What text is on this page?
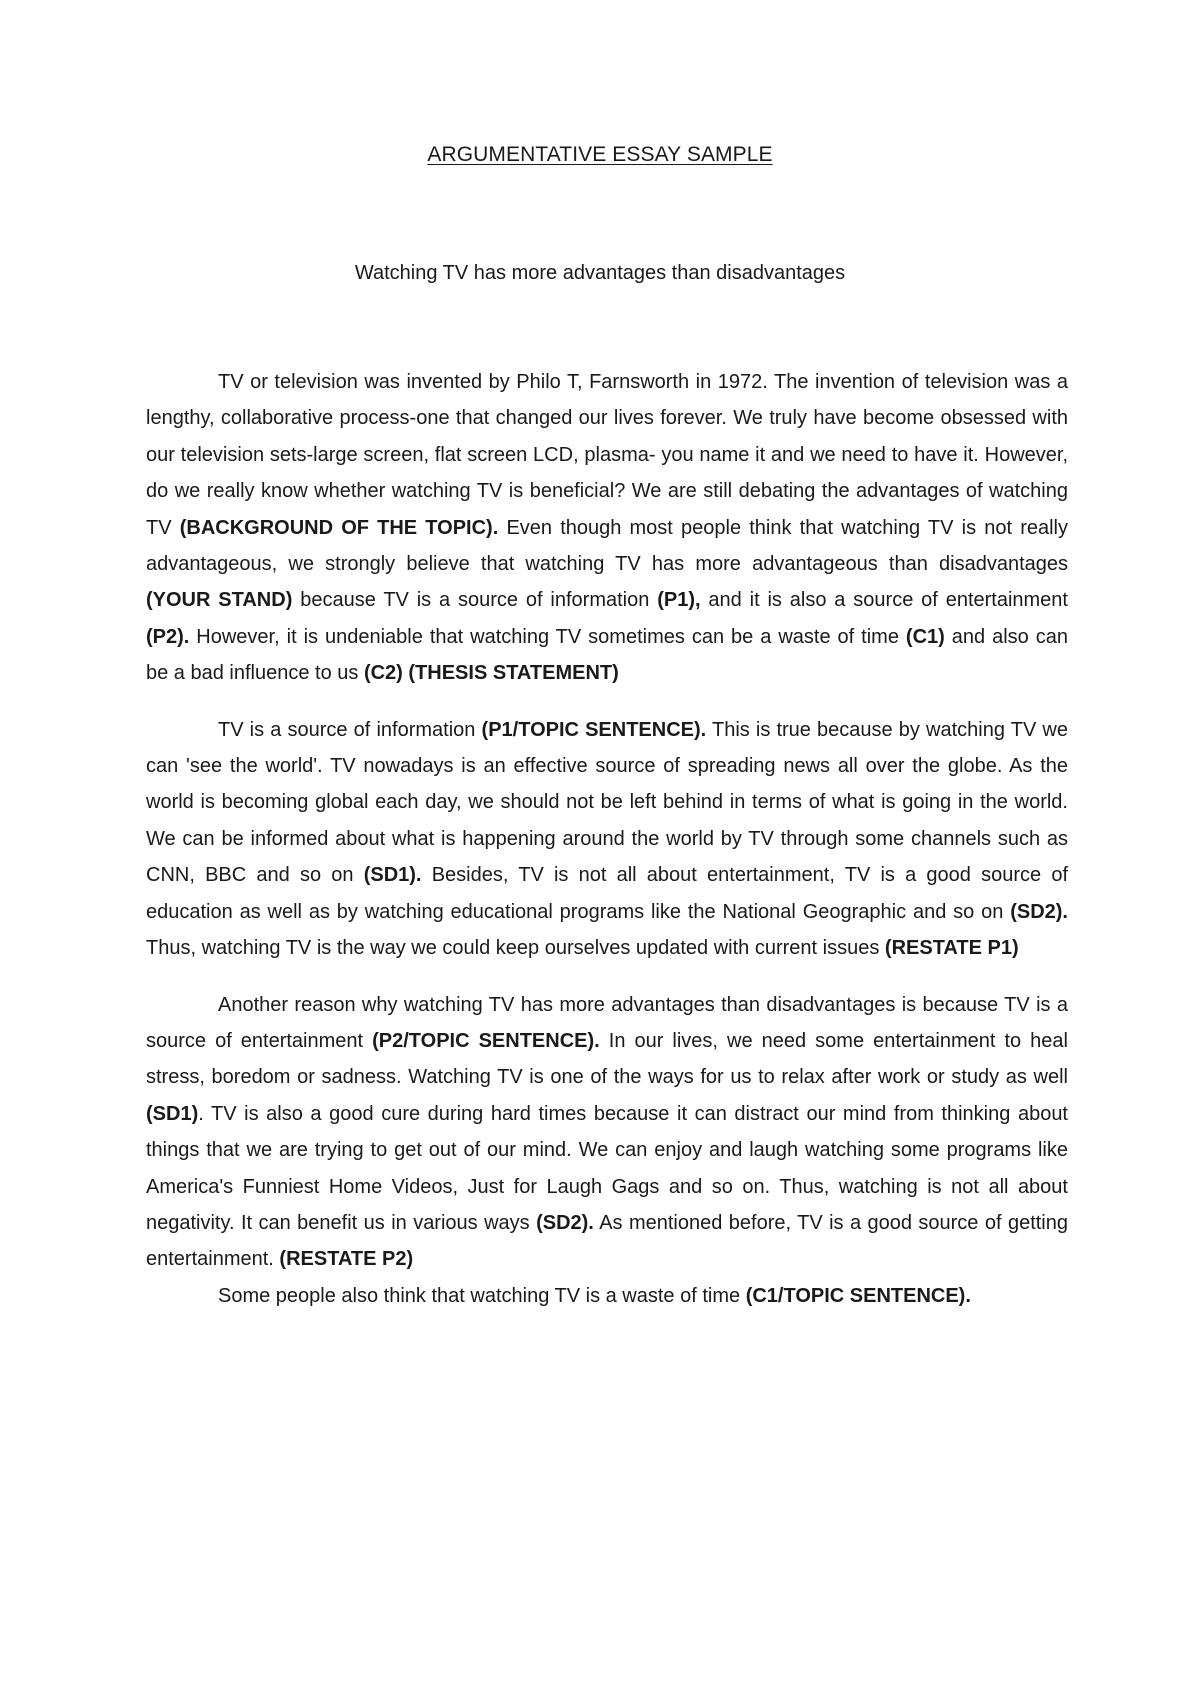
ARGUMENTATIVE ESSAY SAMPLE
Watching TV has more advantages than disadvantages

TV or television was invented by Philo T, Farnsworth in 1972. The invention of television was a lengthy, collaborative process-one that changed our lives forever. We truly have become obsessed with our television sets-large screen, flat screen LCD, plasma- you name it and we need to have it. However, do we really know whether watching TV is beneficial? We are still debating the advantages of watching TV (BACKGROUND OF THE TOPIC). Even though most people think that watching TV is not really advantageous, we strongly believe that watching TV has more advantageous than disadvantages (YOUR STAND) because TV is a source of information (P1), and it is also a source of entertainment (P2). However, it is undeniable that watching TV sometimes can be a waste of time (C1) and also can be a bad influence to us (C2) (THESIS STATEMENT)

TV is a source of information (P1/TOPIC SENTENCE). This is true because by watching TV we can 'see the world'. TV nowadays is an effective source of spreading news all over the globe. As the world is becoming global each day, we should not be left behind in terms of what is going in the world. We can be informed about what is happening around the world by TV through some channels such as CNN, BBC and so on (SD1). Besides, TV is not all about entertainment, TV is a good source of education as well as by watching educational programs like the National Geographic and so on (SD2). Thus, watching TV is the way we could keep ourselves updated with current issues (RESTATE P1)

Another reason why watching TV has more advantages than disadvantages is because TV is a source of entertainment (P2/TOPIC SENTENCE). In our lives, we need some entertainment to heal stress, boredom or sadness. Watching TV is one of the ways for us to relax after work or study as well (SD1). TV is also a good cure during hard times because it can distract our mind from thinking about things that we are trying to get out of our mind. We can enjoy and laugh watching some programs like America's Funniest Home Videos, Just for Laugh Gags and so on. Thus, watching is not all about negativity. It can benefit us in various ways (SD2). As mentioned before, TV is a good source of getting entertainment. (RESTATE P2)

Some people also think that watching TV is a waste of time (C1/TOPIC SENTENCE).
